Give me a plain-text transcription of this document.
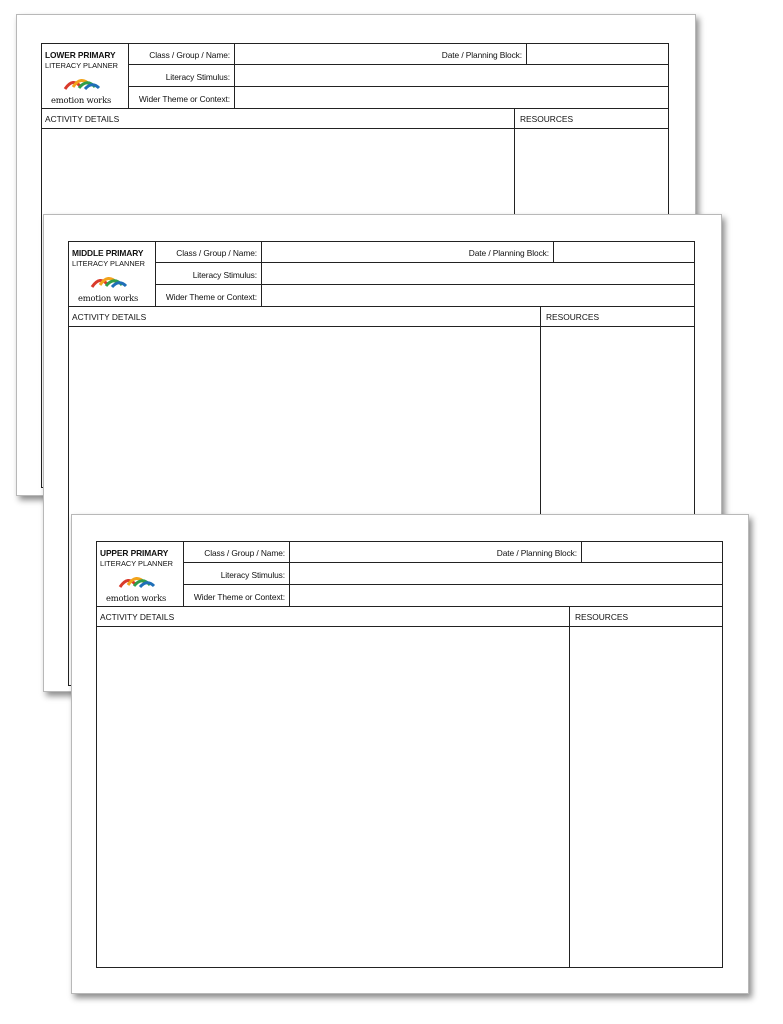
LOWER PRIMARY
LITERACY PLANNER
emotion works
Class / Group / Name:	Date / Planning Block:
Literacy Stimulus:
Wider Theme or Context:
ACTIVITY DETAILS	RESOURCES
MIDDLE PRIMARY
LITERACY PLANNER
emotion works
Class / Group / Name:	Date / Planning Block:
Literacy Stimulus:
Wider Theme or Context:
ACTIVITY DETAILS	RESOURCES
UPPER PRIMARY
LITERACY PLANNER
emotion works
Class / Group / Name:	Date / Planning Block:
Literacy Stimulus:
Wider Theme or Context:
ACTIVITY DETAILS	RESOURCES
